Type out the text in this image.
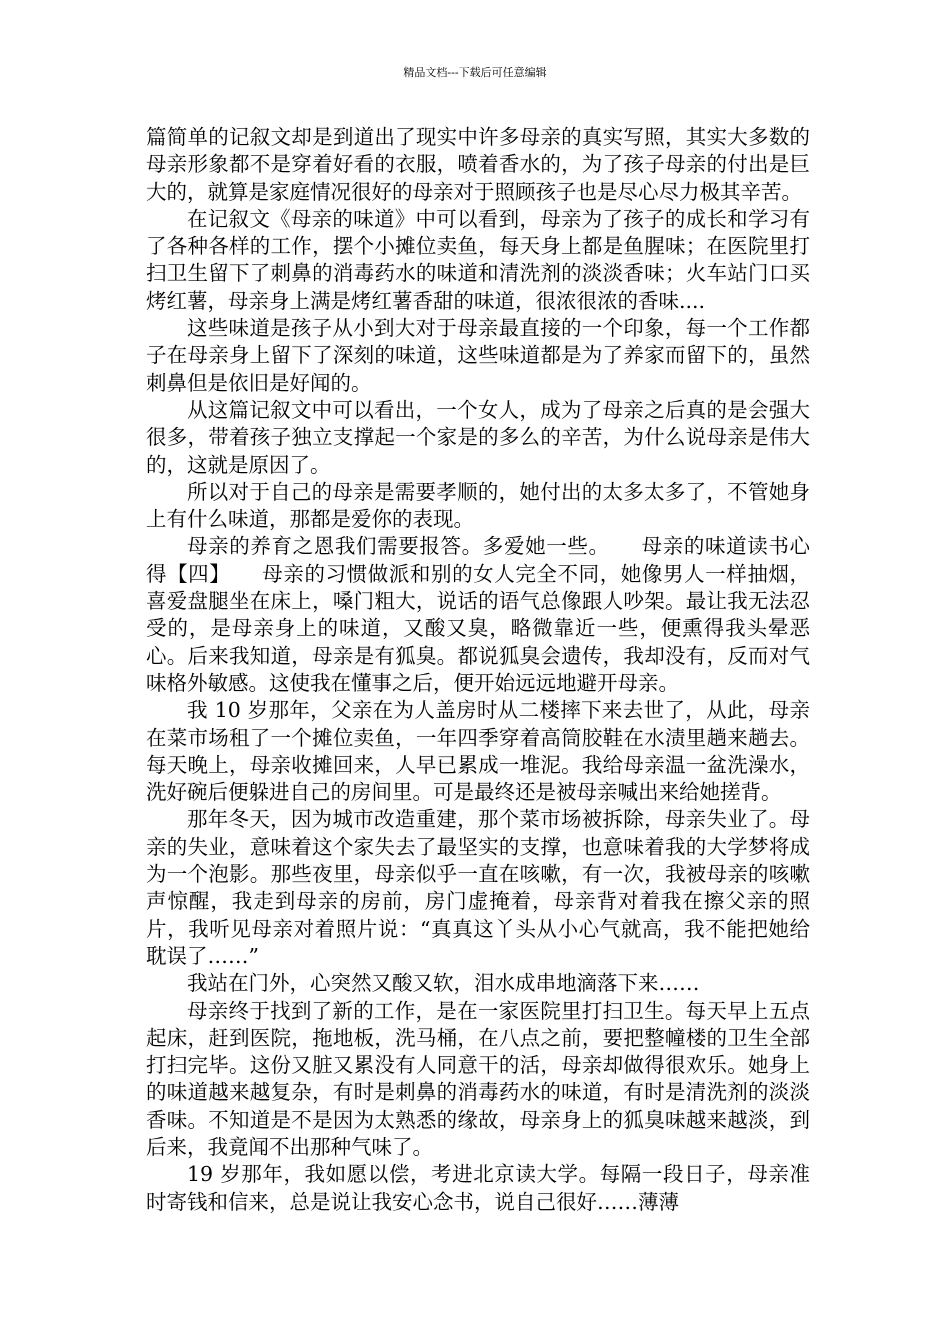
精品文档---下载后可任意编辑

篇简单的记叙文却是到道出了现实中许多母亲的真实写照，其实大多数的母亲形象都不是穿着好看的衣服，喷着香水的，为了孩子母亲的付出是巨大的，就算是家庭情况很好的母亲对于照顾孩子也是尽心尽力极其辛苦。

在记叙文《母亲的味道》中可以看到，母亲为了孩子的成长和学习有了各种各样的工作，摆个小摊位卖鱼，每天身上都是鱼腥味；在医院里打扫卫生留下了刺鼻的消毒药水的味道和清洗剂的淡淡香味；火车站门口买烤红薯，母亲身上满是烤红薯香甜的味道，很浓很浓的香味....

这些味道是孩子从小到大对于母亲最直接的一个印象，每一个工作都子在母亲身上留下了深刻的味道，这些味道都是为了养家而留下的，虽然刺鼻但是依旧是好闻的。

从这篇记叙文中可以看出，一个女人，成为了母亲之后真的是会强大很多，带着孩子独立支撑起一个家是的多么的辛苦，为什么说母亲是伟大的，这就是原因了。

所以对于自己的母亲是需要孝顺的，她付出的太多太多了，不管她身上有什么味道，那都是爱你的表现。

母亲的养育之恩我们需要报答。多爱她一些。　　母亲的味道读书心得【四】　　母亲的习惯做派和别的女人完全不同，她像男人一样抽烟，喜爱盘腿坐在床上，嗓门粗大，说话的语气总像跟人吵架。最让我无法忍受的，是母亲身上的味道，又酸又臭，略微靠近一些，便熏得我头晕恶心。后来我知道，母亲是有狐臭。都说狐臭会遗传，我却没有，反而对气味格外敏感。这使我在懂事之后，便开始远远地避开母亲。

我 10 岁那年，父亲在为人盖房时从二楼摔下来去世了，从此，母亲在菜市场租了一个摊位卖鱼，一年四季穿着高筒胶鞋在水渍里趟来趟去。每天晚上，母亲收摊回来，人早已累成一堆泥。我给母亲温一盆洗澡水，洗好碗后便躲进自己的房间里。可是最终还是被母亲喊出来给她搓背。

那年冬天，因为城市改造重建，那个菜市场被拆除，母亲失业了。母亲的失业，意味着这个家失去了最坚实的支撑，也意味着我的大学梦将成为一个泡影。那些夜里，母亲似乎一直在咳嗽，有一次，我被母亲的咳嗽声惊醒，我走到母亲的房前，房门虚掩着，母亲背对着我在擦父亲的照片，我听见母亲对着照片说：“真真这丫头从小心气就高，我不能把她给耽误了……”

我站在门外，心突然又酸又软，泪水成串地滴落下来……

母亲终于找到了新的工作，是在一家医院里打扫卫生。每天早上五点起床，赶到医院，拖地板，洗马桶，在八点之前，要把整幢楼的卫生全部打扫完毕。这份又脏又累没有人同意干的活，母亲却做得很欢乐。她身上的味道越来越复杂，有时是刺鼻的消毒药水的味道，有时是清洗剂的淡淡香味。不知道是不是因为太熟悉的缘故，母亲身上的狐臭味越来越淡，到后来，我竟闻不出那种气味了。

19 岁那年，我如愿以偿，考进北京读大学。每隔一段日子，母亲准时寄钱和信来，总是说让我安心念书，说自己很好……薄薄
